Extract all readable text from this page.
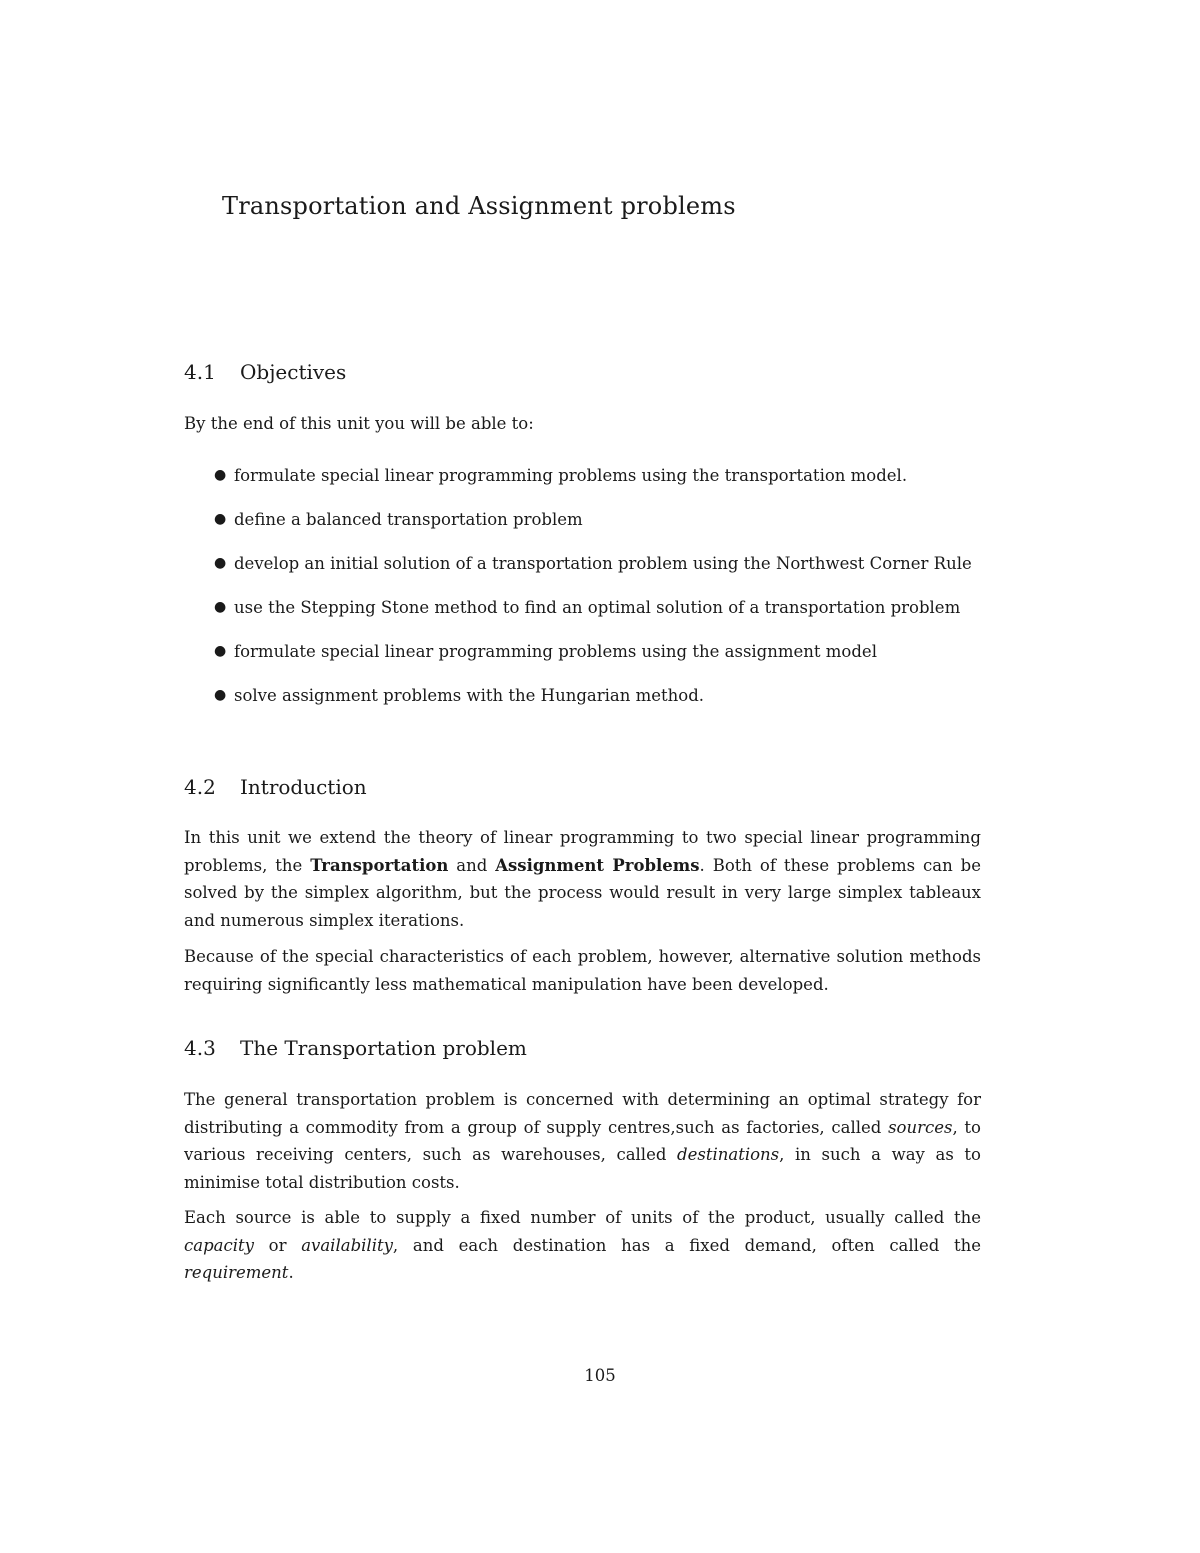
Transportation and Assignment problems
4.1 Objectives

By the end of this unit you will be able to:

● formulate special linear programming problems using the transportation model.
● define a balanced transportation problem
● develop an initial solution of a transportation problem using the Northwest Corner Rule
● use the Stepping Stone method to find an optimal solution of a transportation problem
● formulate special linear programming problems using the assignment model
● solve assignment problems with the Hungarian method.
4.2 Introduction

In this unit we extend the theory of linear programming to two special linear programming problems, the Transportation and Assignment Problems. Both of these problems can be solved by the simplex algorithm, but the process would result in very large simplex tableaux and numerous simplex iterations.

Because of the special characteristics of each problem, however, alternative solution methods requiring significantly less mathematical manipulation have been developed.

4.3 The Transportation problem

The general transportation problem is concerned with determining an optimal strategy for distributing a commodity from a group of supply centres,such as factories, called sources, to various receiving centers, such as warehouses, called destinations, in such a way as to minimise total distribution costs.

Each source is able to supply a fixed number of units of the product, usually called the capacity or availability, and each destination has a fixed demand, often called the requirement.

105
